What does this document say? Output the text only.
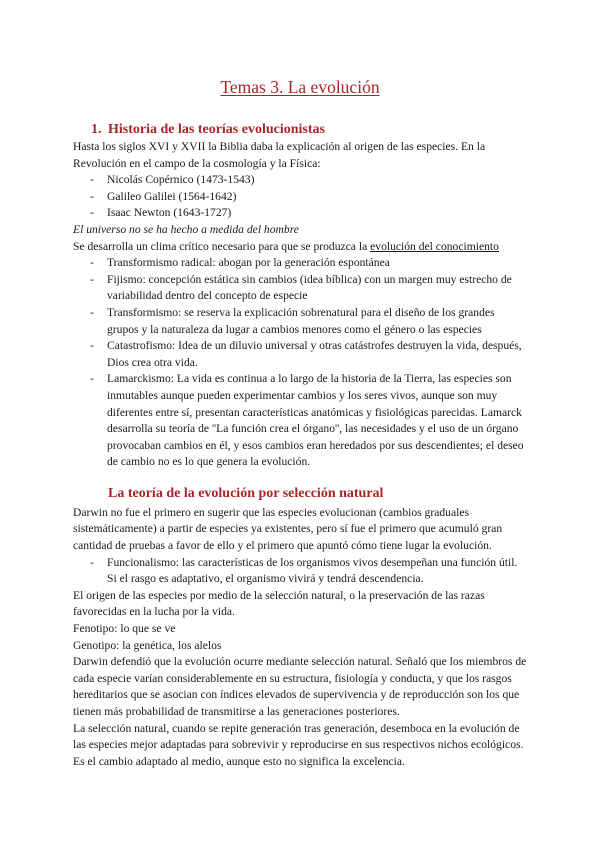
Temas 3. La evolución
1. Historia de las teorías evolucionistas

Hasta los siglos XVI y XVII la Biblia daba la explicación al origen de las especies. En la Revolución en el campo de la cosmología y la Física:

- Nicolás Copérnico (1473-1543)
- Galileo Galilei (1564-1642)
- Isaac Newton (1643-1727)

El universo no se ha hecho a medida del hombre

Se desarrolla un clima crítico necesario para que se produzca la evolución del conocimiento

- Transformismo radical: abogan por la generación espontánea
- Fijismo: concepción estática sin cambios (idea bíblica) con un margen muy estrecho de variabilidad dentro del concepto de especie
- Transformismo: se reserva la explicación sobrenatural para el diseño de los grandes grupos y la naturaleza da lugar a cambios menores como el género o las especies
- Catastrofismo: Idea de un diluvio universal y otras catástrofes destruyen la vida, después, Dios crea otra vida.
- Lamarckismo: La vida es continua a lo largo de la historia de la Tierra, las especies son inmutables aunque pueden experimentar cambios y los seres vivos, aunque son muy diferentes entre sí, presentan características anatómicas y fisiológicas parecidas. Lamarck desarrolla su teoría de ''La función crea el órgano'', las necesidades y el uso de un órgano provocaban cambios en él, y esos cambios eran heredados por sus descendientes; el deseo de cambio no es lo que genera la evolución.
La teoría de la evolución por selección natural

Darwin no fue el primero en sugerir que las especies evolucionan (cambios graduales sistemáticamente) a partir de especies ya existentes, pero sí fue el primero que acumuló gran cantidad de pruebas a favor de ello y el primero que apuntó cómo tiene lugar la evolución.

- Funcionalismo: las características de los organismos vivos desempeñan una función útil. Si el rasgo es adaptativo, el organismo vivirá y tendrá descendencia.

El origen de las especies por medio de la selección natural, o la preservación de las razas favorecidas en la lucha por la vida.

Fenotipo: lo que se ve

Genotipo: la genética, los alelos

Darwin defendió que la evolución ocurre mediante selección natural. Señaló que los miembros de cada especie varían considerablemente en su estructura, fisiología y conducta, y que los rasgos hereditarios que se asocian con índices elevados de supervivencia y de reproducción son los que tienen más probabilidad de transmitirse a las generaciones posteriores.

La selección natural, cuando se repite generación tras generación, desemboca en la evolución de las especies mejor adaptadas para sobrevivir y reproducirse en sus respectivos nichos ecológicos. Es el cambio adaptado al medio, aunque esto no significa la excelencia.
